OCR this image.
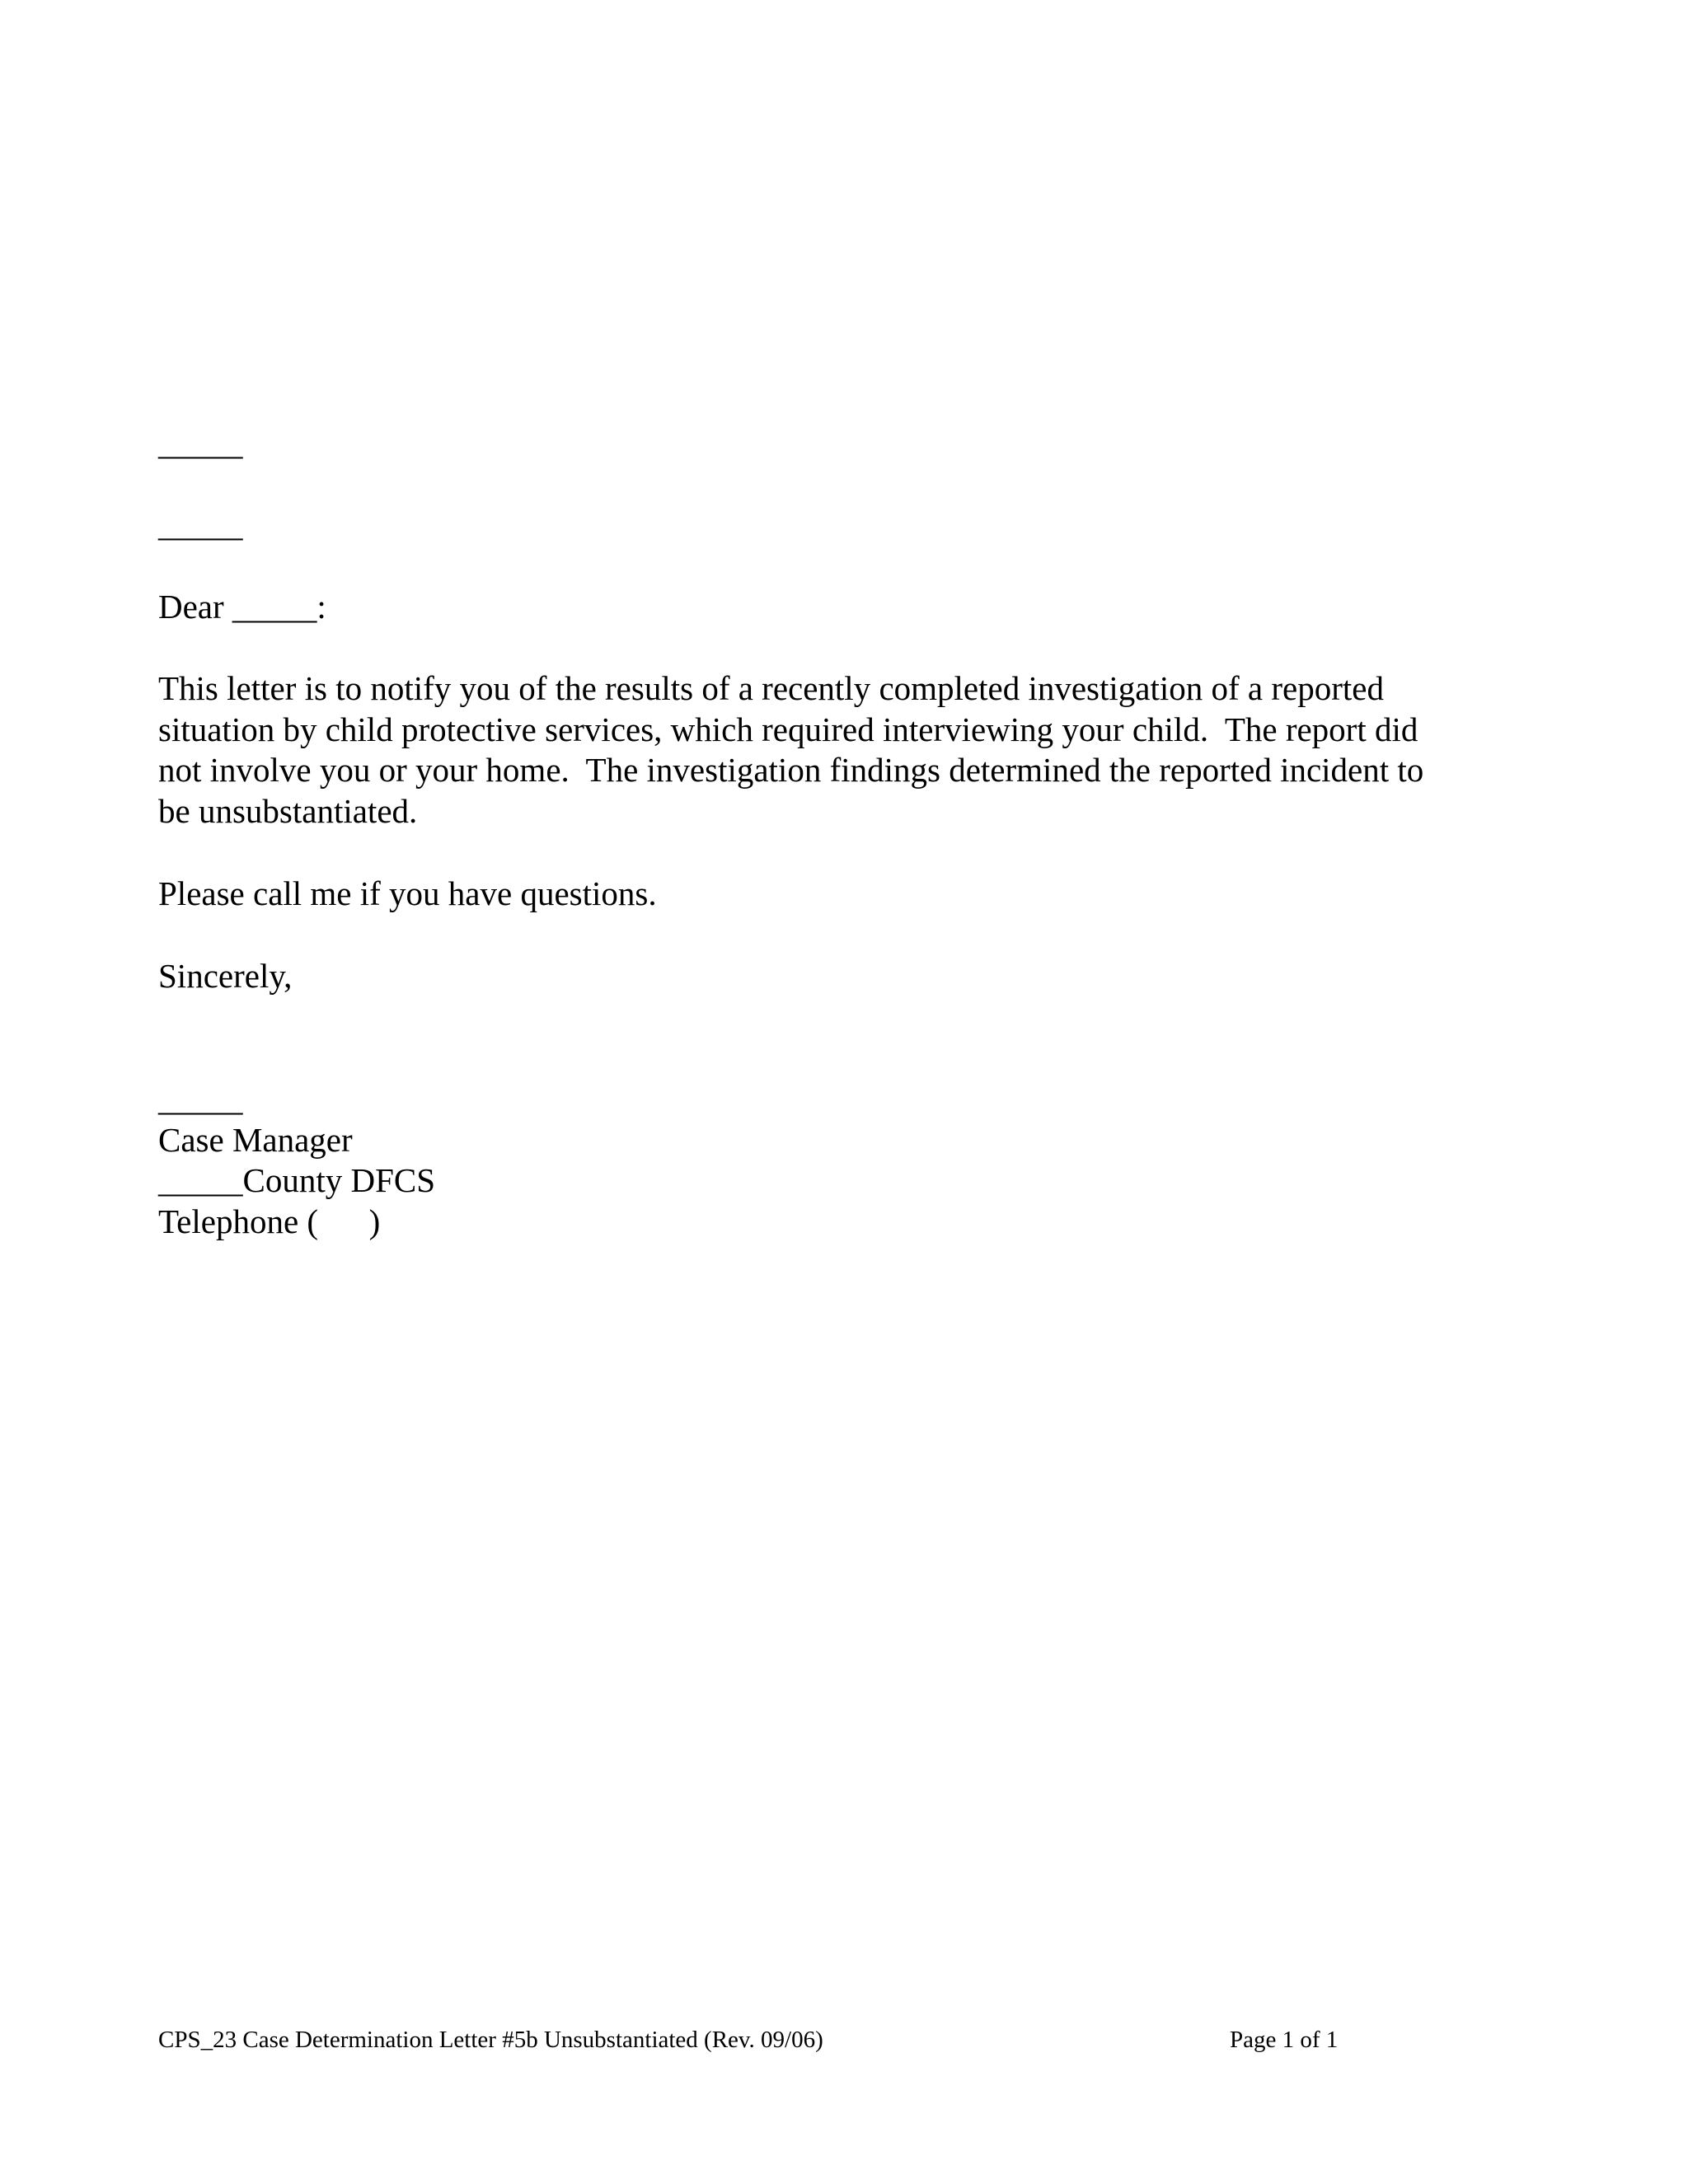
_____
_____
Dear _____:
This letter is to notify you of the results of a recently completed investigation of a reported
situation by child protective services, which required interviewing your child.  The report did
not involve you or your home.  The investigation findings determined the reported incident to
be unsubstantiated.
Please call me if you have questions.
Sincerely,
_____
Case Manager
_____County DFCS
Telephone (      )
CPS_23 Case Determination Letter #5b Unsubstantiated (Rev. 09/06)	Page 1 of 1
